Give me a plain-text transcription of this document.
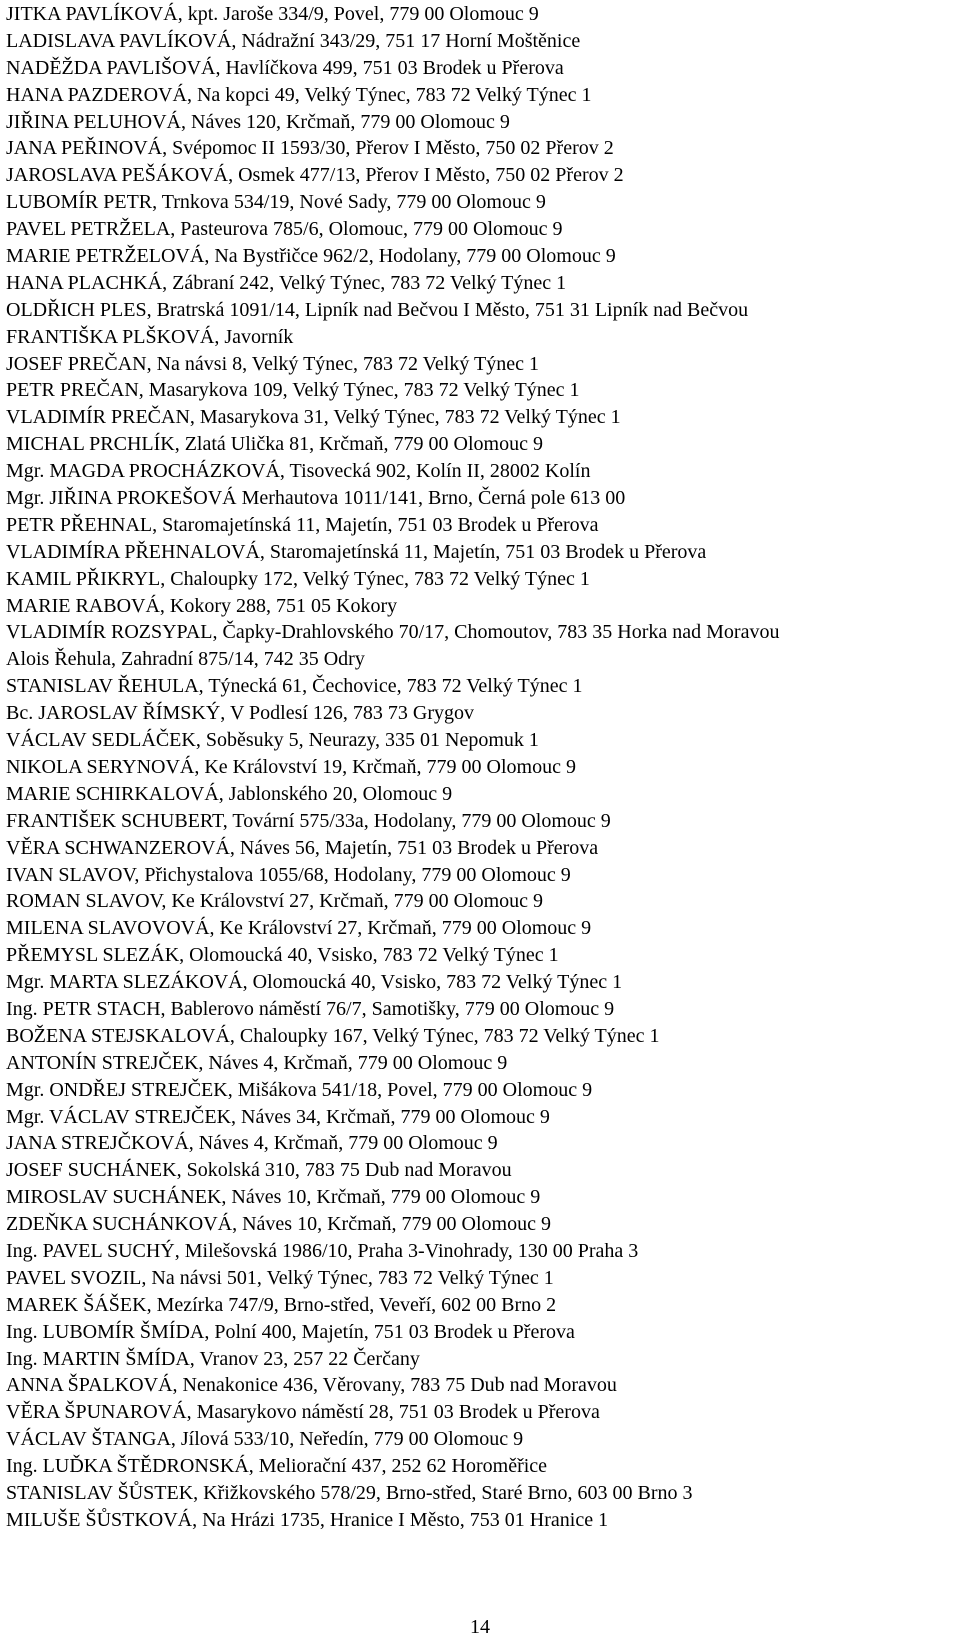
JITKA PAVLÍKOVÁ, kpt. Jaroše 334/9, Povel, 779 00 Olomouc 9
LADISLAVA PAVLÍKOVÁ, Nádražní 343/29, 751 17 Horní Moštěnice
NADĚŽDA PAVLIŠOVÁ, Havlíčkova 499, 751 03 Brodek u Přerova
HANA PAZDEROVÁ, Na kopci 49, Velký Týnec, 783 72 Velký Týnec 1
JIŘINA PELUHOVÁ, Náves 120, Krčmaň, 779 00 Olomouc 9
JANA PEŘINOVÁ, Svépomoc II 1593/30, Přerov I Město, 750 02 Přerov 2
JAROSLAVA PEŠÁKOVÁ, Osmek 477/13, Přerov I Město, 750 02 Přerov 2
LUBOMÍR PETR, Trnkova 534/19, Nové Sady, 779 00 Olomouc 9
PAVEL PETRŽELA, Pasteurova 785/6, Olomouc, 779 00 Olomouc 9
MARIE PETRŽELOVÁ, Na Bystřičce 962/2, Hodolany, 779 00 Olomouc 9
HANA PLACHKÁ, Zábraní 242, Velký Týnec, 783 72 Velký Týnec 1
OLDŘICH PLES, Bratrská 1091/14, Lipník nad Bečvou I Město, 751 31 Lipník nad Bečvou
FRANTIŠKA PLŠKOVÁ, Javorník
JOSEF PREČAN, Na návsi 8, Velký Týnec, 783 72 Velký Týnec 1
PETR PREČAN, Masarykova 109, Velký Týnec, 783 72 Velký Týnec 1
VLADIMÍR PREČAN, Masarykova 31, Velký Týnec, 783 72 Velký Týnec 1
MICHAL PRCHLÍK, Zlatá Ulička 81, Krčmaň, 779 00 Olomouc 9
Mgr. MAGDA PROCHÁZKOVÁ, Tisovecká 902, Kolín II, 28002 Kolín
Mgr. JIŘINA PROKEŠOVÁ Merhautova 1011/141, Brno, Černá pole 613 00
PETR PŘEHNAL, Staromajetínská 11, Majetín, 751 03 Brodek u Přerova
VLADIMÍRA PŘEHNALOVÁ, Staromajetínská 11, Majetín, 751 03 Brodek u Přerova
KAMIL PŘIKRYL, Chaloupky 172, Velký Týnec, 783 72 Velký Týnec 1
MARIE RABOVÁ, Kokory 288, 751 05 Kokory
VLADIMÍR ROZSYPAL, Čapky-Drahlovského 70/17, Chomoutov, 783 35 Horka nad Moravou
Alois Řehula, Zahradní 875/14, 742 35 Odry
STANISLAV ŘEHULA, Týnecká 61, Čechovice, 783 72 Velký Týnec 1
Bc. JAROSLAV ŘÍMSKÝ, V Podlesí 126, 783 73 Grygov
VÁCLAV SEDLÁČEK, Soběsuky 5, Neurazy, 335 01 Nepomuk 1
NIKOLA SERYNOVÁ, Ke Království 19, Krčmaň, 779 00 Olomouc 9
MARIE SCHIRKALOVÁ, Jablonského 20, Olomouc 9
FRANTIŠEK SCHUBERT, Tovární 575/33a, Hodolany, 779 00 Olomouc 9
VĚRA SCHWANZEROVÁ, Náves 56, Majetín, 751 03 Brodek u Přerova
IVAN SLAVOV, Přichystalova 1055/68, Hodolany, 779 00 Olomouc 9
ROMAN SLAVOV, Ke Království 27, Krčmaň, 779 00 Olomouc 9
MILENA SLAVOVOVÁ, Ke Království 27, Krčmaň, 779 00 Olomouc 9
PŘEMYSL SLEZÁK, Olomoucká 40, Vsisko, 783 72 Velký Týnec 1
Mgr. MARTA SLEZÁKOVÁ, Olomoucká 40, Vsisko, 783 72 Velký Týnec 1
Ing. PETR STACH, Bablerovo náměstí 76/7, Samotišky, 779 00 Olomouc 9
BOŽENA STEJSKALOVÁ, Chaloupky 167, Velký Týnec, 783 72 Velký Týnec 1
ANTONÍN STREJČEK, Náves 4, Krčmaň, 779 00 Olomouc 9
Mgr. ONDŘEJ STREJČEK, Mišákova 541/18, Povel, 779 00 Olomouc 9
Mgr. VÁCLAV STREJČEK, Náves 34, Krčmaň, 779 00 Olomouc 9
JANA STREJČKOVÁ, Náves 4, Krčmaň, 779 00 Olomouc 9
JOSEF SUCHÁNEK, Sokolská 310, 783 75 Dub nad Moravou
MIROSLAV SUCHÁNEK, Náves 10, Krčmaň, 779 00 Olomouc 9
ZDEŇKA SUCHÁNKOVÁ, Náves 10, Krčmaň, 779 00 Olomouc 9
Ing. PAVEL SUCHÝ, Milešovská 1986/10, Praha 3-Vinohrady, 130 00 Praha 3
PAVEL SVOZIL, Na návsi 501, Velký Týnec, 783 72 Velký Týnec 1
MAREK ŠÁŠEK, Mezírka 747/9, Brno-střed, Veveří, 602 00 Brno 2
Ing. LUBOMÍR ŠMÍDA, Polní 400, Majetín, 751 03 Brodek u Přerova
Ing. MARTIN ŠMÍDA, Vranov 23, 257 22 Čerčany
ANNA ŠPALKOVÁ, Nenakonice 436, Věrovany, 783 75 Dub nad Moravou
VĚRA ŠPUNAROVÁ, Masarykovo náměstí 28, 751 03 Brodek u Přerova
VÁCLAV ŠTANGA, Jílová 533/10, Neředín, 779 00 Olomouc 9
Ing. LUĎKA ŠTĚDRONSKÁ, Meliorační 437, 252 62 Horoměřice
STANISLAV ŠŮSTEK, Křižkovského 578/29, Brno-střed, Staré Brno, 603 00 Brno 3
MILUŠE ŠŮSTKOVÁ, Na Hrázi 1735, Hranice I Město, 753 01 Hranice 1
14
